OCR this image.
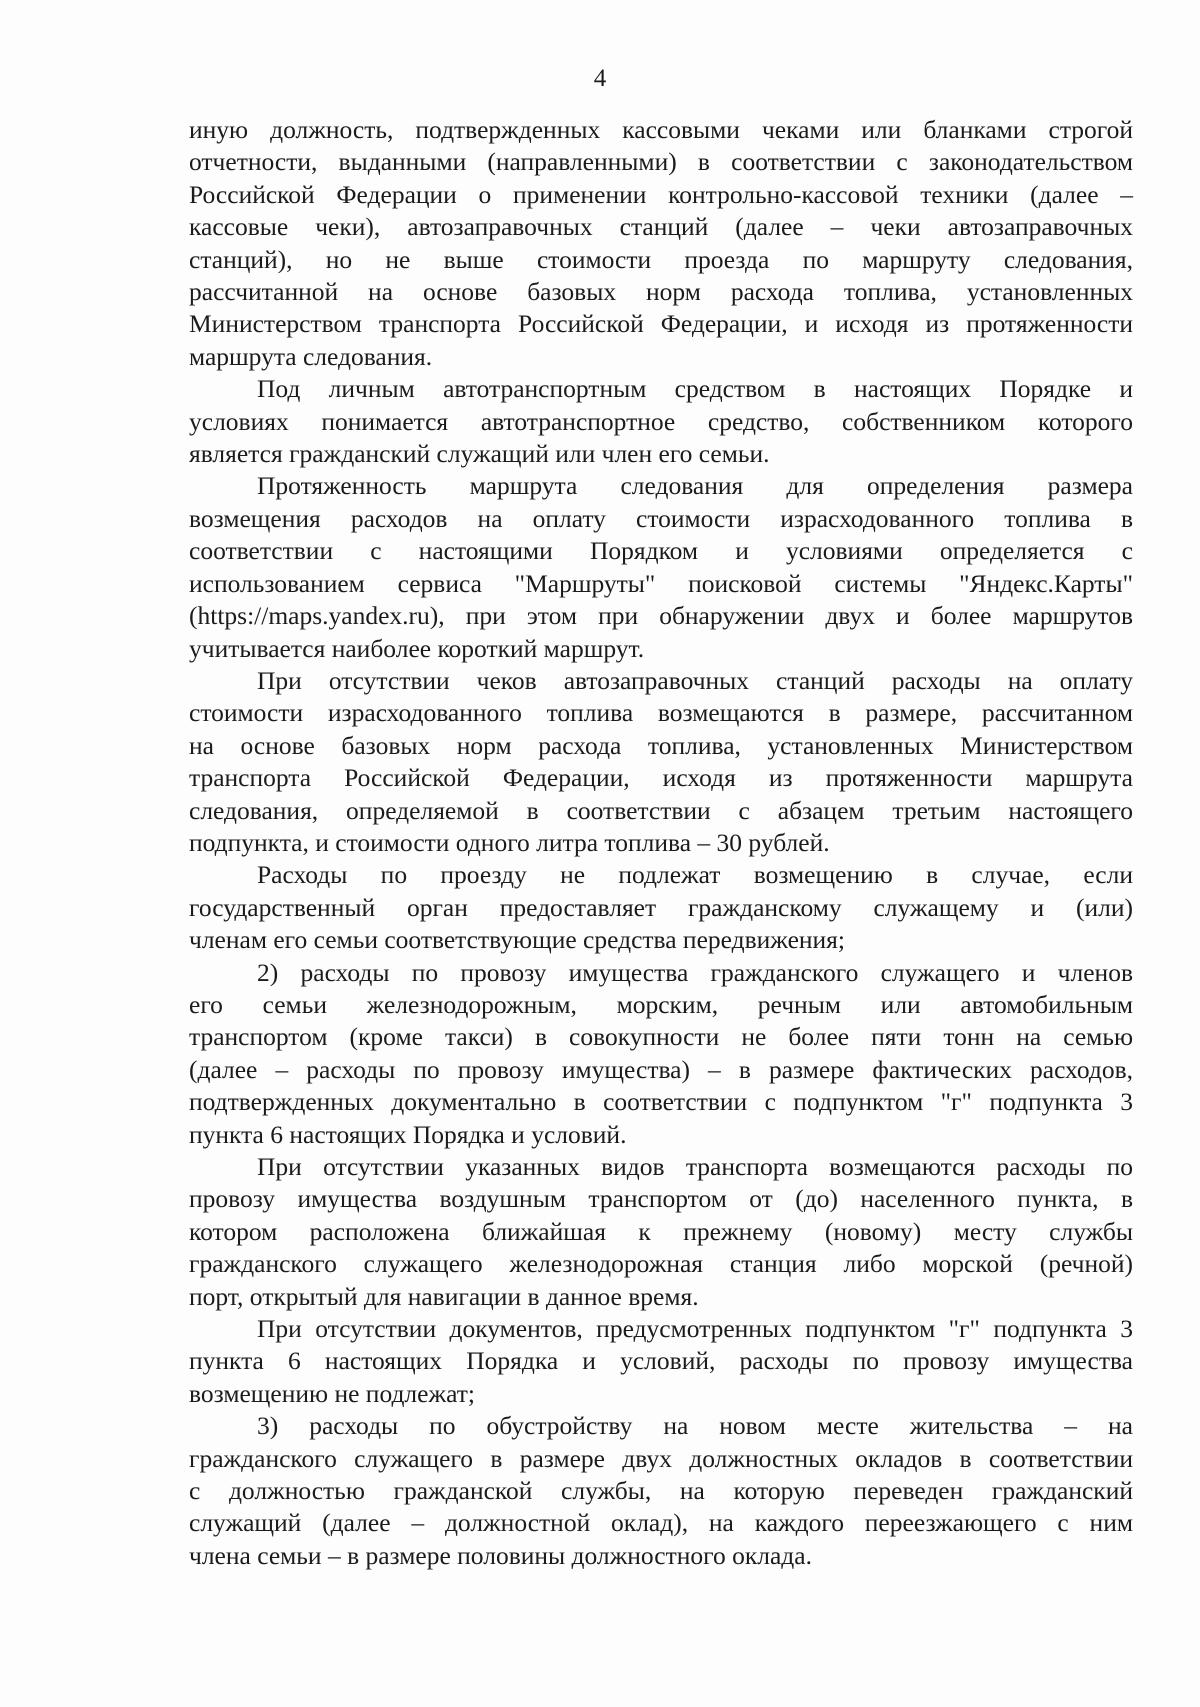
4
иную должность, подтвержденных кассовыми чеками или бланками строгой
отчетности, выданными (направленными) в соответствии с законодательством
Российской Федерации о применении контрольно-кассовой техники (далее –
кассовые чеки), автозаправочных станций (далее – чеки автозаправочных
станций), но не выше стоимости проезда по маршруту следования,
рассчитанной на основе базовых норм расхода топлива, установленных
Министерством транспорта Российской Федерации, и исходя из протяженности
маршрута следования.
Под личным автотранспортным средством в настоящих Порядке и
условиях понимается автотранспортное средство, собственником которого
является гражданский служащий или член его семьи.
Протяженность маршрута следования для определения размера
возмещения расходов на оплату стоимости израсходованного топлива в
соответствии с настоящими Порядком и условиями определяется с
использованием сервиса "Маршруты" поисковой системы "Яндекс.Карты"
(https://maps.yandex.ru), при этом при обнаружении двух и более маршрутов
учитывается наиболее короткий маршрут.
При отсутствии чеков автозаправочных станций расходы на оплату
стоимости израсходованного топлива возмещаются в размере, рассчитанном
на основе базовых норм расхода топлива, установленных Министерством
транспорта Российской Федерации, исходя из протяженности маршрута
следования, определяемой в соответствии с абзацем третьим настоящего
подпункта, и стоимости одного литра топлива – 30 рублей.
Расходы по проезду не подлежат возмещению в случае, если
государственный орган предоставляет гражданскому служащему и (или)
членам его семьи соответствующие средства передвижения;
2) расходы по провозу имущества гражданского служащего и членов
его семьи железнодорожным, морским, речным или автомобильным
транспортом (кроме такси) в совокупности не более пяти тонн на семью
(далее – расходы по провозу имущества) – в размере фактических расходов,
подтвержденных документально в соответствии с подпунктом "г" подпункта 3
пункта 6 настоящих Порядка и условий.
При отсутствии указанных видов транспорта возмещаются расходы по
провозу имущества воздушным транспортом от (до) населенного пункта, в
котором расположена ближайшая к прежнему (новому) месту службы
гражданского служащего железнодорожная станция либо морской (речной)
порт, открытый для навигации в данное время.
При отсутствии документов, предусмотренных подпунктом "г" подпункта 3
пункта 6 настоящих Порядка и условий, расходы по провозу имущества
возмещению не подлежат;
3) расходы по обустройству на новом месте жительства – на
гражданского служащего в размере двух должностных окладов в соответствии
с должностью гражданской службы, на которую переведен гражданский
служащий (далее – должностной оклад), на каждого переезжающего с ним
члена семьи – в размере половины должностного оклада.
